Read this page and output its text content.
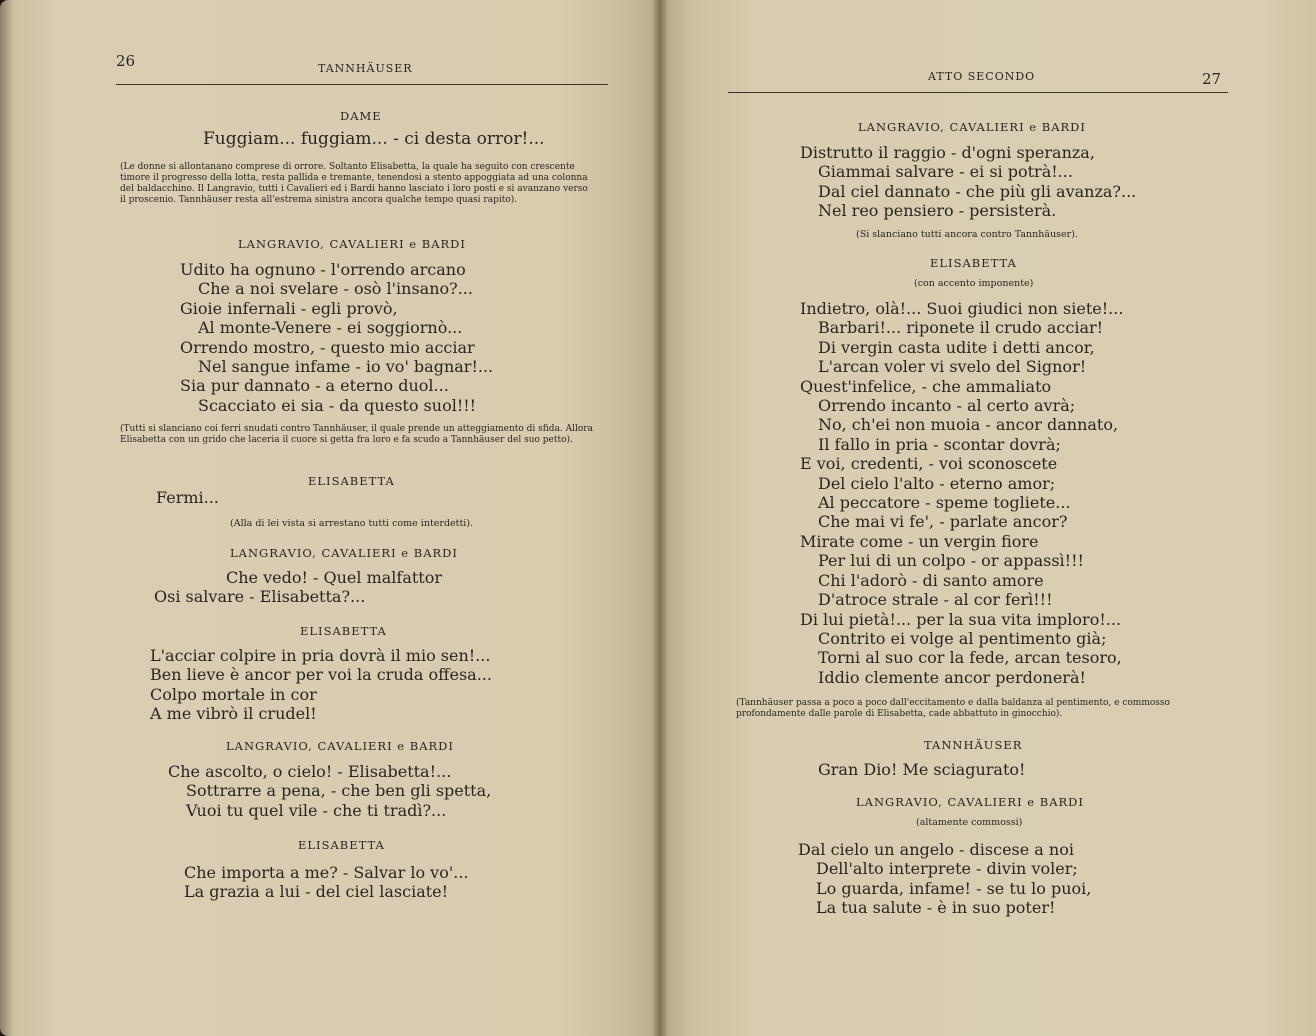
26	TANNHÄUSER
DAME
Fuggiam... fuggiam... - ci desta orror!...
(Le donne si allontanano comprese di orrore. Soltanto Elisabetta, la quale ha seguito con crescente timore il progresso della lotta, resta pallida e tremante, tenendosi a stento appoggiata ad una colonna del baldacchino. Il Langravio, tutti i Cavalieri ed i Bardi hanno lasciato i loro posti e si avanzano verso il proscenio. Tannhäuser resta all'estrema sinistra ancora qualche tempo quasi rapito).
LANGRAVIO, CAVALIERI e BARDI
Udito ha ognuno - l'orrendo arcano
Che a noi svelare - osò l'insano?...
Gioie infernali - egli provò,
Al monte-Venere - ei soggiornò...
Orrendo mostro, - questo mio acciar
Nel sangue infame - io vo' bagnar!...
Sia pur dannato - a eterno duol...
Scacciato ei sia - da questo suol!!!
(Tutti si slanciano coi ferri snudati contro Tannhäuser, il quale prende un atteggiamento di sfida. Allora Elisabetta con un grido che laceria il cuore si getta fra loro e fa scudo a Tannhäuser del suo petto).
ELISABETTA
Fermi...
(Alla di lei vista si arrestano tutti come interdetti).
LANGRAVIO, CAVALIERI e BARDI
Che vedo! - Quel malfattor
Osi salvare - Elisabetta?...
ELISABETTA
L'acciar colpire in pria dovrà il mio sen!...
Ben lieve è ancor per voi la cruda offesa...
Colpo mortale in cor
A me vibrò il crudel!
LANGRAVIO, CAVALIERI e BARDI
Che ascolto, o cielo! - Elisabetta!...
Sottrarre a pena, - che ben gli spetta,
Vuoi tu quel vile - che ti tradì?...
ELISABETTA
Che importa a me? - Salvar lo vo'...
La grazia a lui - del ciel lasciate!
ATTO SECONDO	27
LANGRAVIO, CAVALIERI e BARDI
Distrutto il raggio - d'ogni speranza,
Giammai salvare - ei si potrà!...
Dal ciel dannato - che più gli avanza?...
Nel reo pensiero - persisterà.
(Si slanciano tutti ancora contro Tannhäuser).
ELISABETTA
(con accento imponente)
Indietro, olà!... Suoi giudici non siete!...
Barbari!... riponete il crudo acciar!
Di vergin casta udite i detti ancor,
L'arcan voler vi svelo del Signor!
Quest'infelice, - che ammaliato
Orrendo incanto - al certo avrà;
No, ch'ei non muoia - ancor dannato,
Il fallo in pria - scontar dovrà;
E voi, credenti, - voi sconoscete
Del cielo l'alto - eterno amor;
Al peccatore - speme togliete...
Che mai vi fe', - parlate ancor?
Mirate come - un vergin fiore
Per lui di un colpo - or appassì!!!
Chi l'adorò - di santo amore
D'atroce strale - al cor ferì!!!
Di lui pietà!... per la sua vita imploro!...
Contrito ei volge al pentimento già;
Torni al suo cor la fede, arcan tesoro,
Iddio clemente ancor perdonerà!
(Tannhäuser passa a poco a poco dall'eccitamento e dalla baldanza al pentimento, e commosso profondamente dalle parole di Elisabetta, cade abbattuto in ginocchio).
TANNHÄUSER
Gran Dio! Me sciagurato!
LANGRAVIO, CAVALIERI e BARDI
(altamente commossi)
Dal cielo un angelo - discese a noi
Dell'alto interprete - divin voler;
Lo guarda, infame! - se tu lo puoi,
La tua salute - è in suo poter!
